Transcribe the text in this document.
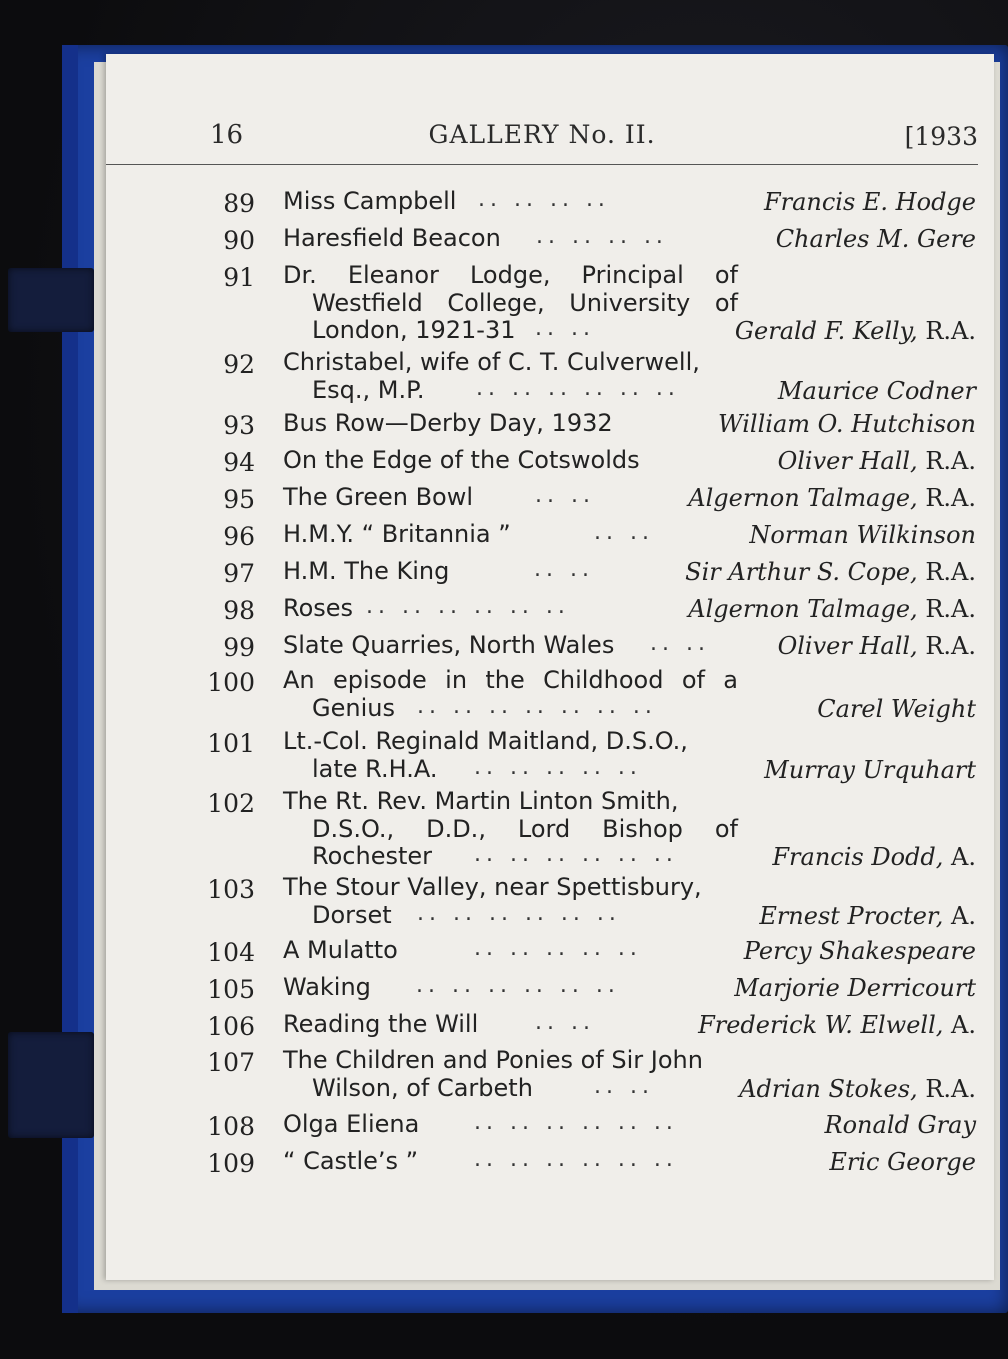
16	GALLERY No. II.	[1933
89 Miss Campbell .. .. .. ..	Francis E. Hodge
90 Haresfield Beacon	.. .. .. ..	Charles M. Gere
91 Dr. Eleanor Lodge, Principal of
Westfield College, University of
London, 1921-31 .. ..	Gerald F. Kelly, R.A.
92 Christabel, wife of C. T. Culverwell,
Esq., M.P.	.. .. .. .. .. ..	Maurice Codner
93 Bus Row—Derby Day, 1932	William O. Hutchison
94 On the Edge of the Cotswolds	Oliver Hall, R.A.
95 The Green Bowl	.. ..	Algernon Talmage, R.A.
96 H.M.Y. “ Britannia ”	.. ..	Norman Wilkinson
97 H.M. The King	.. ..	Sir Arthur S. Cope, R.A.
98 Roses .. .. .. .. .. ..	Algernon Talmage, R.A.
99 Slate Quarries, North Wales	.. ..	Oliver Hall, R.A.
100 An episode in the Childhood of a
Genius	.. .. .. .. .. .. ..	Carel Weight
101 Lt.-Col. Reginald Maitland, D.S.O.,
late R.H.A.	.. .. .. .. ..	Murray Urquhart
102 The Rt. Rev. Martin Linton Smith,
D.S.O., D.D., Lord Bishop of
Rochester	.. .. .. .. .. ..	Francis Dodd, A.
103 The Stour Valley, near Spettisbury,
Dorset	.. .. .. .. .. ..	Ernest Procter, A.
104 A Mulatto	.. .. .. .. ..	Percy Shakespeare
105 Waking	.. .. .. .. .. ..	Marjorie Derricourt
106 Reading the Will	.. ..	Frederick W. Elwell, A.
107 The Children and Ponies of Sir John
Wilson, of Carbeth	.. ..	Adrian Stokes, R.A.
108 Olga Eliena	.. .. .. .. .. ..	Ronald Gray
109 “ Castle’s ”	.. .. .. .. .. ..	Eric George
